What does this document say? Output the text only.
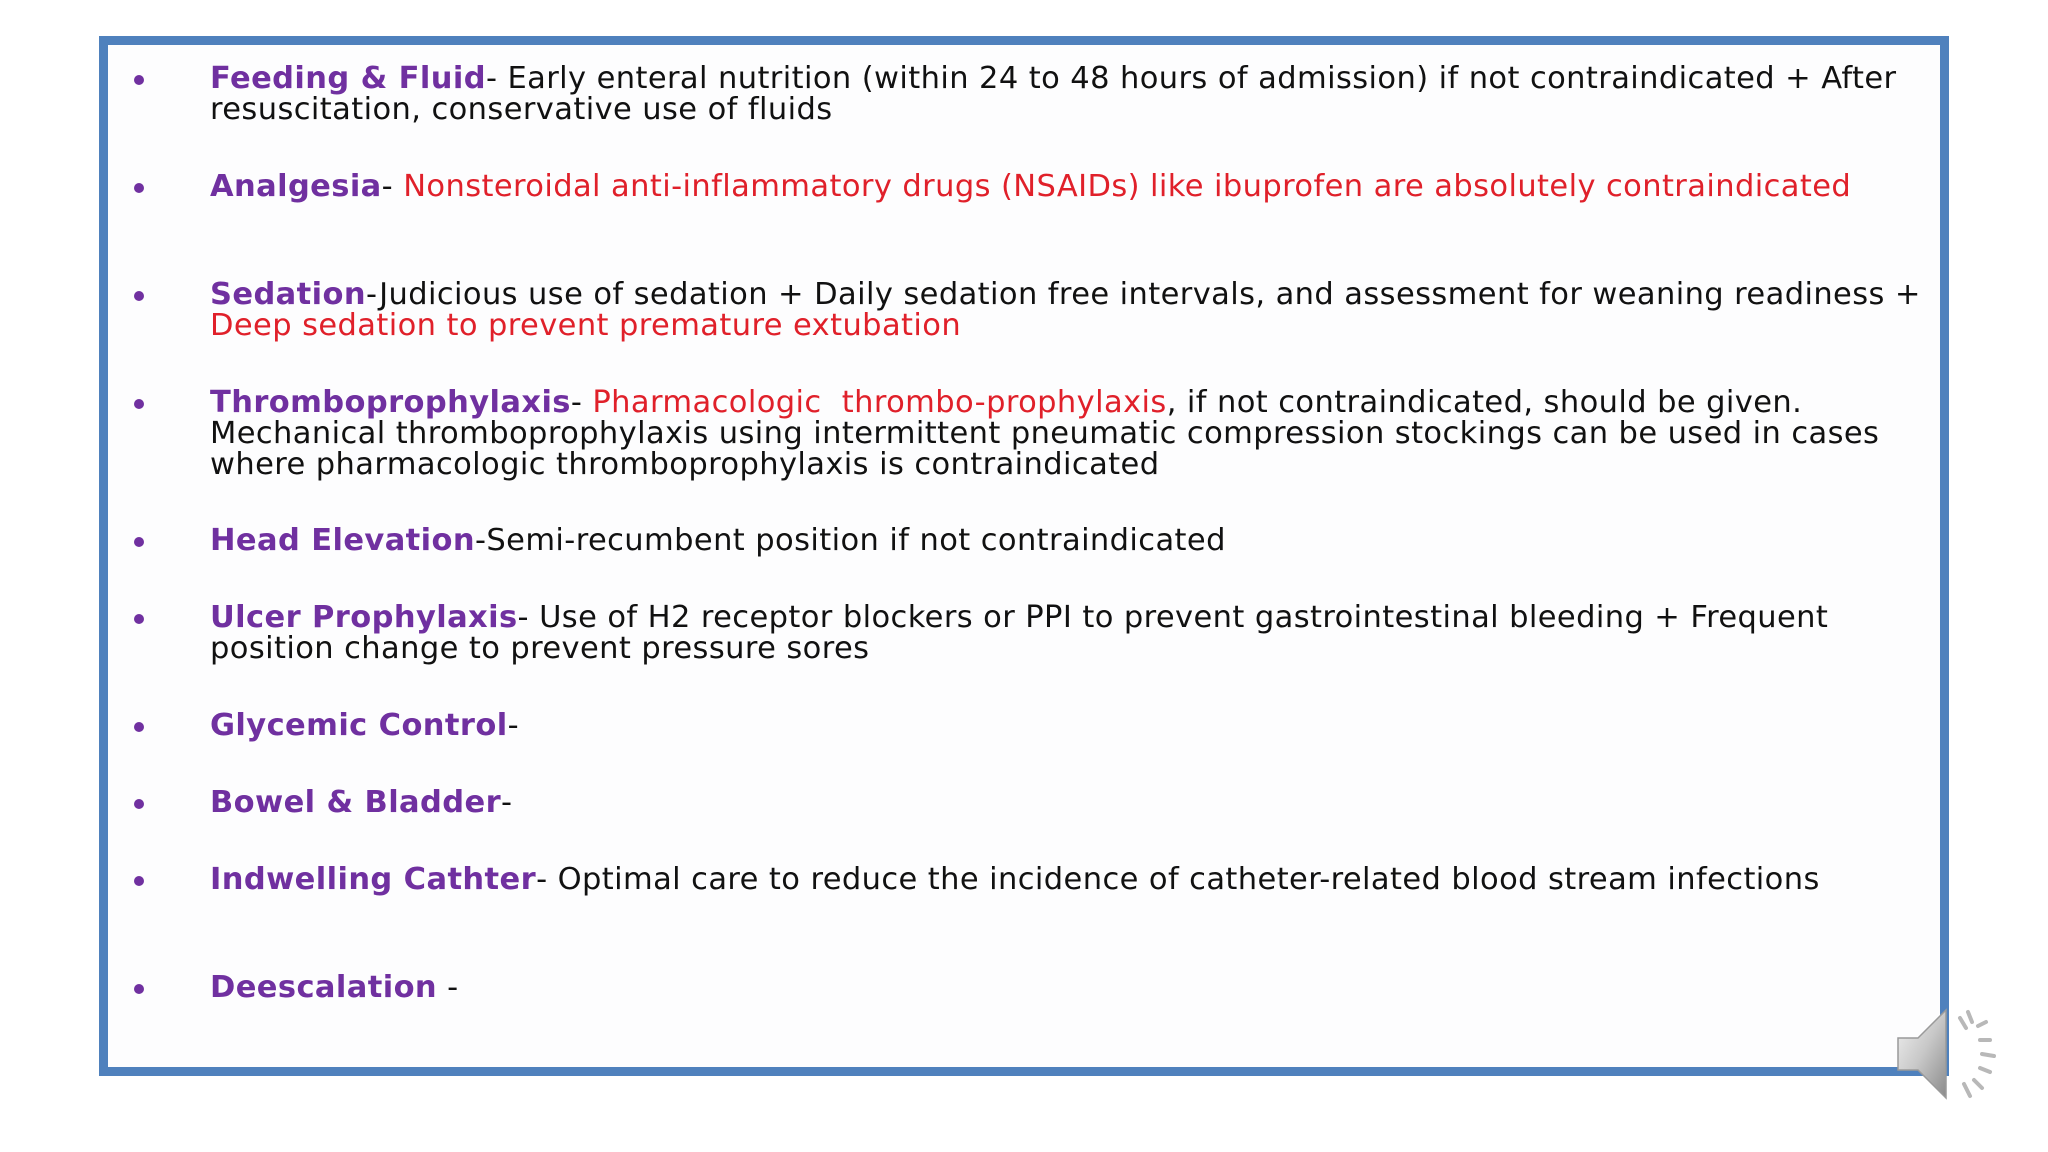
Feeding & Fluid- Early enteral nutrition (within 24 to 48 hours of admission) if not contraindicated + After resuscitation, conservative use of fluids
Analgesia- Nonsteroidal anti-inflammatory drugs (NSAIDs) like ibuprofen are absolutely contraindicated
Sedation-Judicious use of sedation + Daily sedation free intervals, and assessment for weaning readiness + Deep sedation to prevent premature extubation
Thromboprophylaxis- Pharmacologic  thrombo-prophylaxis, if not contraindicated, should be given. Mechanical thromboprophylaxis using intermittent pneumatic compression stockings can be used in cases where pharmacologic thromboprophylaxis is contraindicated
Head Elevation-Semi-recumbent position if not contraindicated
Ulcer Prophylaxis- Use of H2 receptor blockers or PPI to prevent gastrointestinal bleeding + Frequent position change to prevent pressure sores
Glycemic Control-
Bowel & Bladder-
Indwelling Cathter- Optimal care to reduce the incidence of catheter-related blood stream infections
Deescalation -
